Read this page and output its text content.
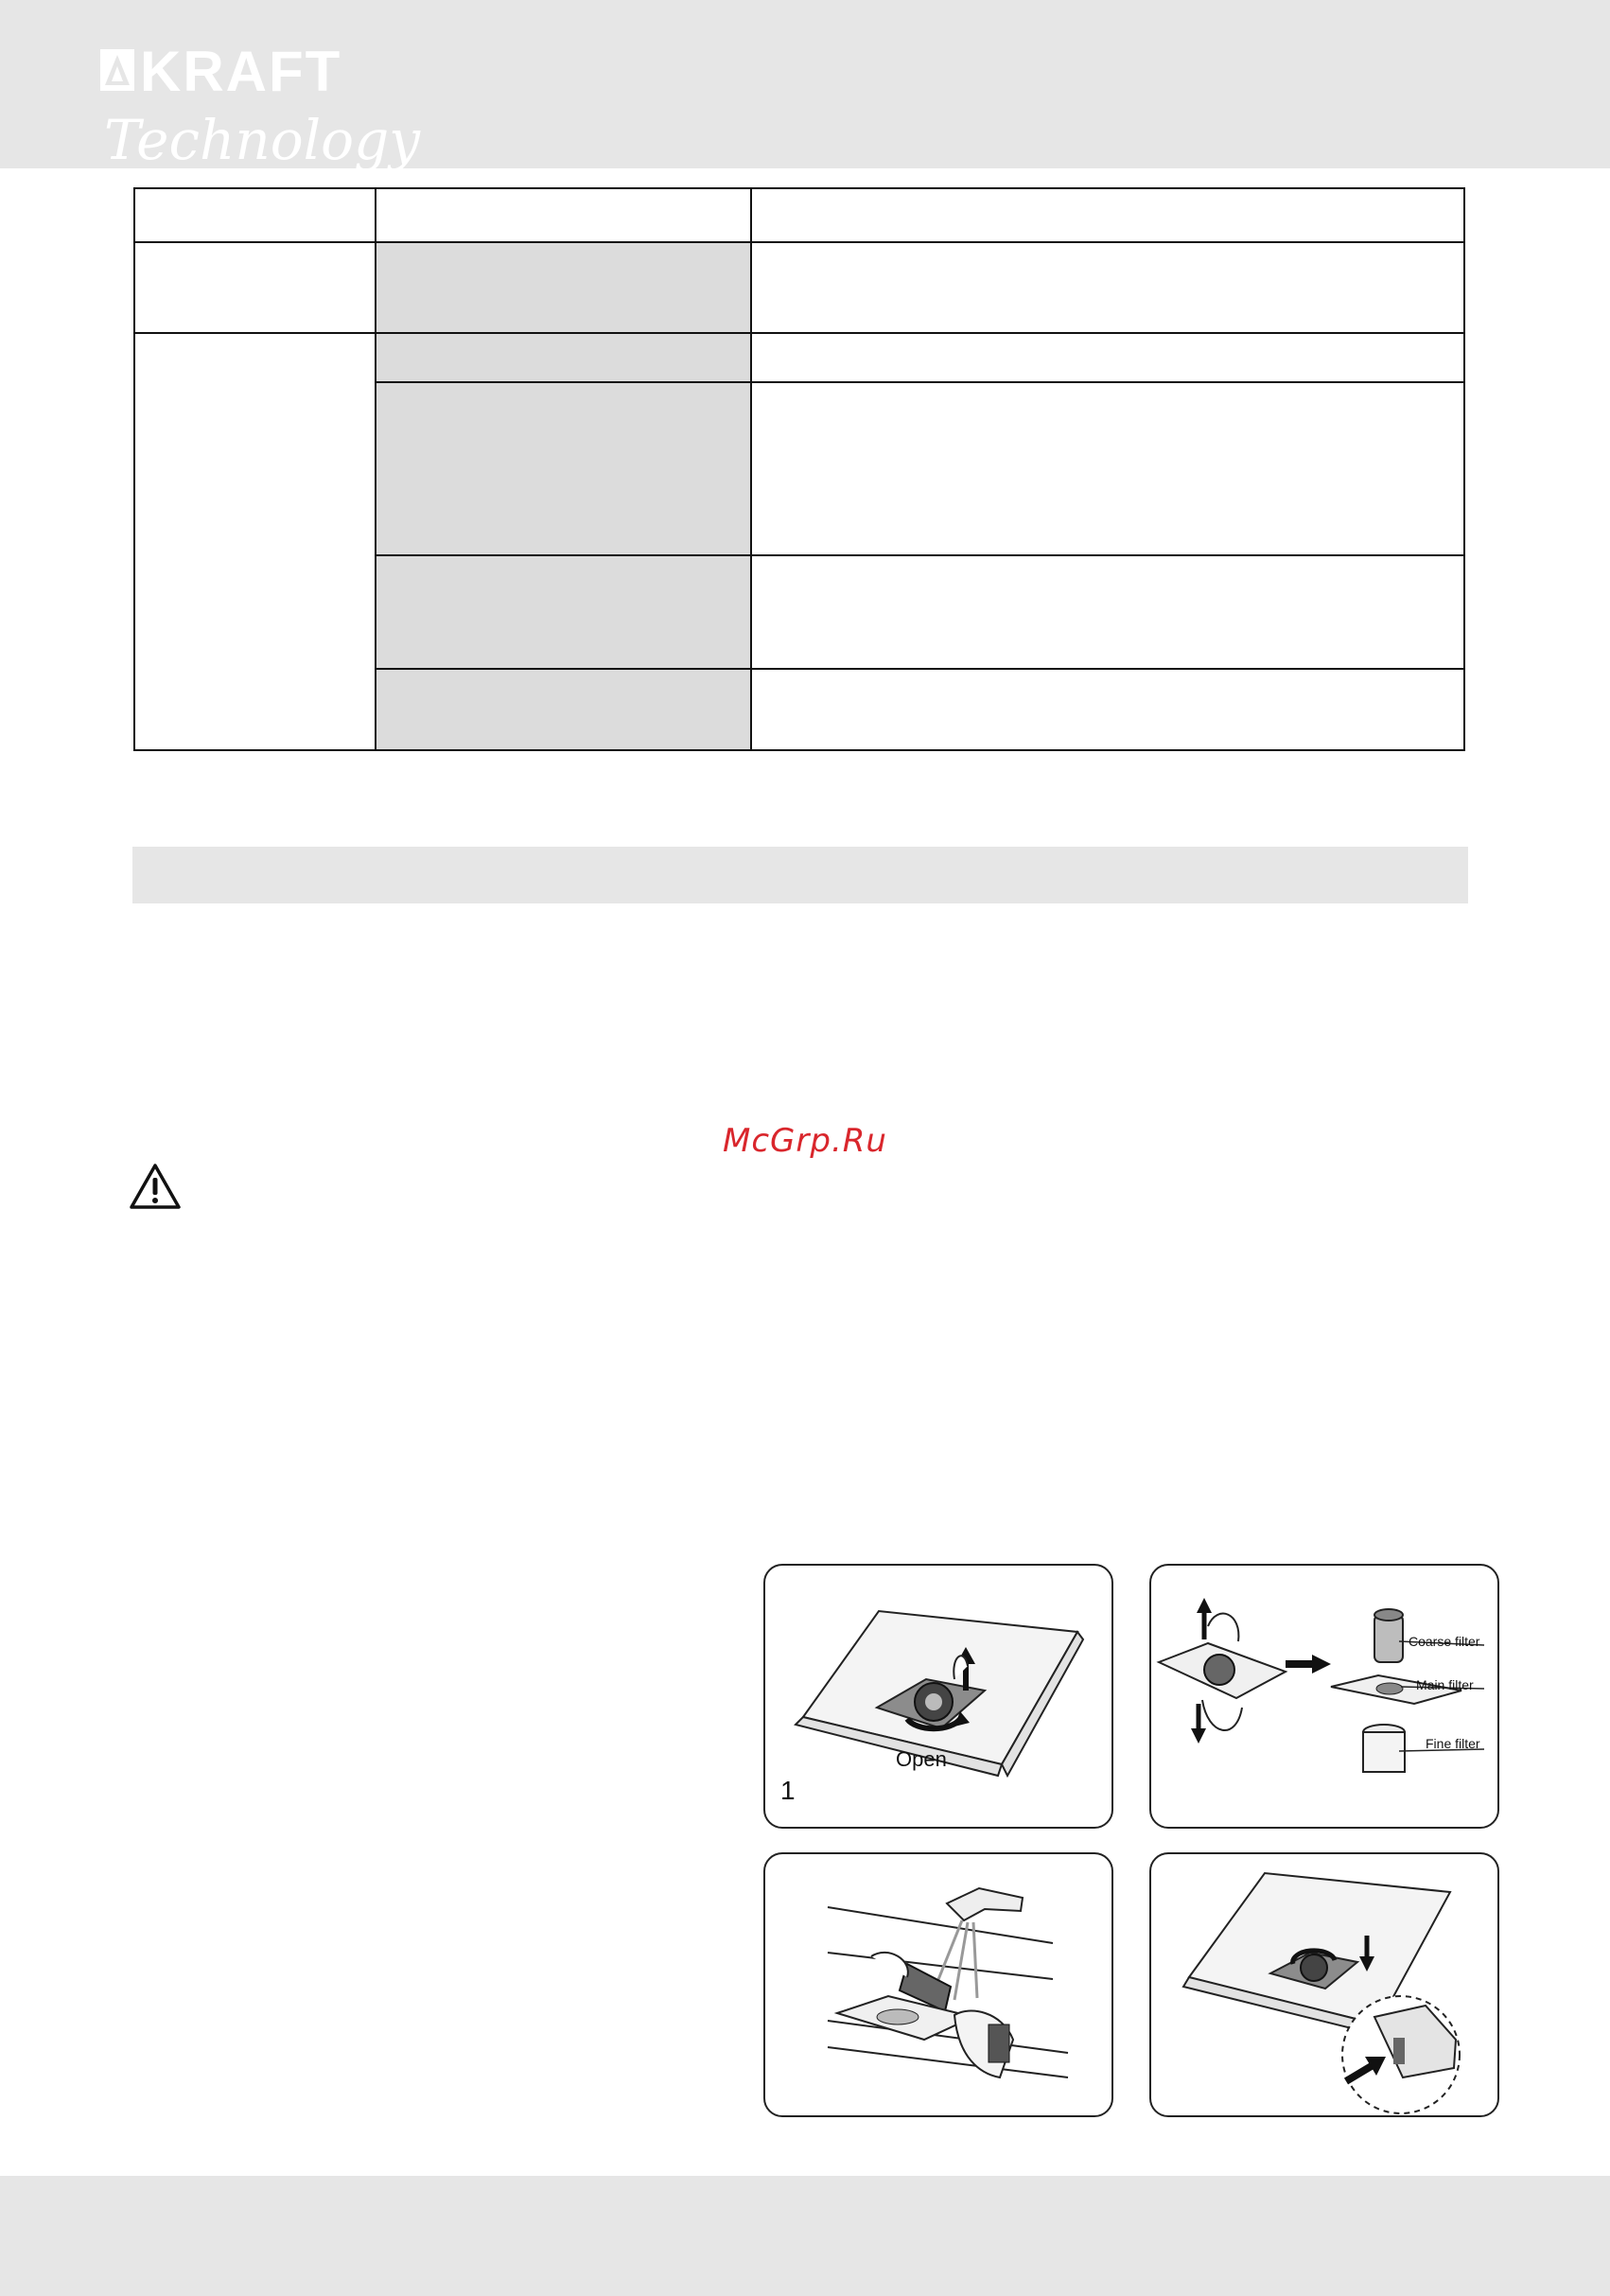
KRAFT
Technology

McGrp.Ru
Open
1
Coarse filter
Main filter
Fine filter
